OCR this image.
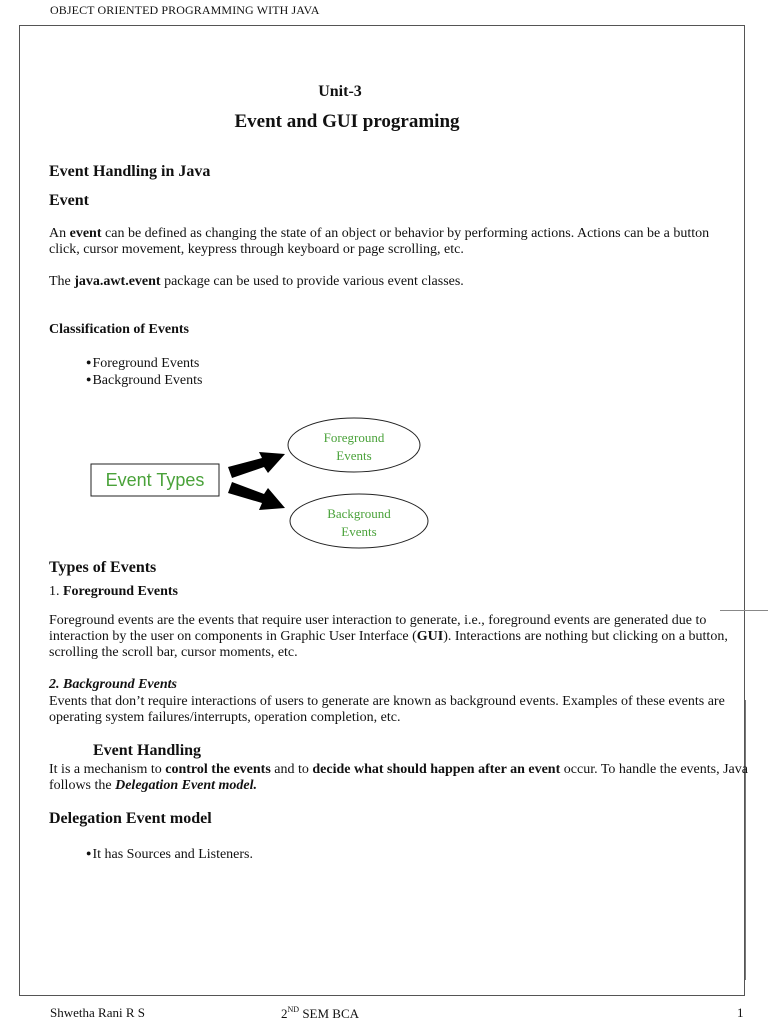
OBJECT ORIENTED PROGRAMMING WITH JAVA
Unit-3
Event and GUI programing
Event Handling in Java
Event
An event can be defined as changing the state of an object or behavior by performing actions. Actions can be a button click, cursor movement, keypress through keyboard or page scrolling, etc.
The java.awt.event package can be used to provide various event classes.
Classification of Events
●Foreground Events
●Background Events
Event Types
Foreground
Events
Background
Events
Types of Events
1. Foreground Events
Foreground events are the events that require user interaction to generate, i.e., foreground events are generated due to interaction by the user on components in Graphic User Interface (GUI). Interactions are nothing but clicking on a button, scrolling the scroll bar, cursor moments, etc.
2. Background Events
Events that don’t require interactions of users to generate are known as background events. Examples of these events are operating system failures/interrupts, operation completion, etc.
Event Handling
It is a mechanism to control the events and to decide what should happen after an event occur. To handle the events, Java follows the Delegation Event model.
Delegation Event model
●It has Sources and Listeners.
Shwetha Rani R S	2ND SEM BCA	1
